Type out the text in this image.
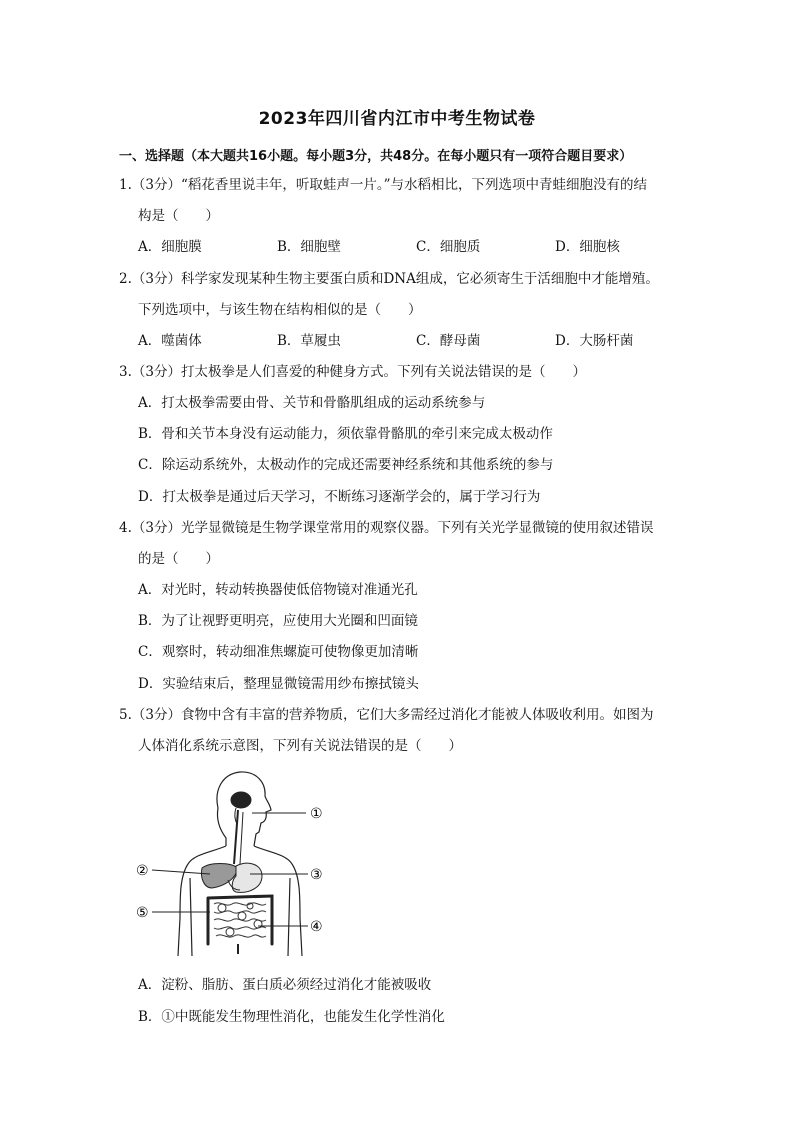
2023年四川省内江市中考生物试卷
一、选择题（本大题共16小题。每小题3分，共48分。在每小题只有一项符合题目要求）
1.（3分）“稻花香里说丰年，听取蛙声一片。”与水稻相比，下列选项中青蛙细胞没有的结
构是（　　）
A．细胞膜	B．细胞壁	C．细胞质	D．细胞核
2.（3分）科学家发现某种生物主要蛋白质和DNA组成，它必须寄生于活细胞中才能增殖。
下列选项中，与该生物在结构相似的是（　　）
A．噬菌体	B．草履虫	C．酵母菌	D．大肠杆菌
3.（3分）打太极拳是人们喜爱的种健身方式。下列有关说法错误的是（　　）
A．打太极拳需要由骨、关节和骨骼肌组成的运动系统参与
B．骨和关节本身没有运动能力，须依靠骨骼肌的牵引来完成太极动作
C．除运动系统外，太极动作的完成还需要神经系统和其他系统的参与
D．打太极拳是通过后天学习，不断练习逐渐学会的，属于学习行为
4.（3分）光学显微镜是生物学课堂常用的观察仪器。下列有关光学显微镜的使用叙述错误
的是（　　）
A．对光时，转动转换器使低倍物镜对准通光孔
B．为了让视野更明亮，应使用大光圈和凹面镜
C．观察时，转动细准焦螺旋可使物像更加清晰
D．实验结束后，整理显微镜需用纱布擦拭镜头
5.（3分）食物中含有丰富的营养物质，它们大多需经过消化才能被人体吸收利用。如图为
人体消化系统示意图，下列有关说法错误的是（　　）
①
②	③
④
⑤
A．淀粉、脂肪、蛋白质必须经过消化才能被吸收
B．①中既能发生物理性消化，也能发生化学性消化
